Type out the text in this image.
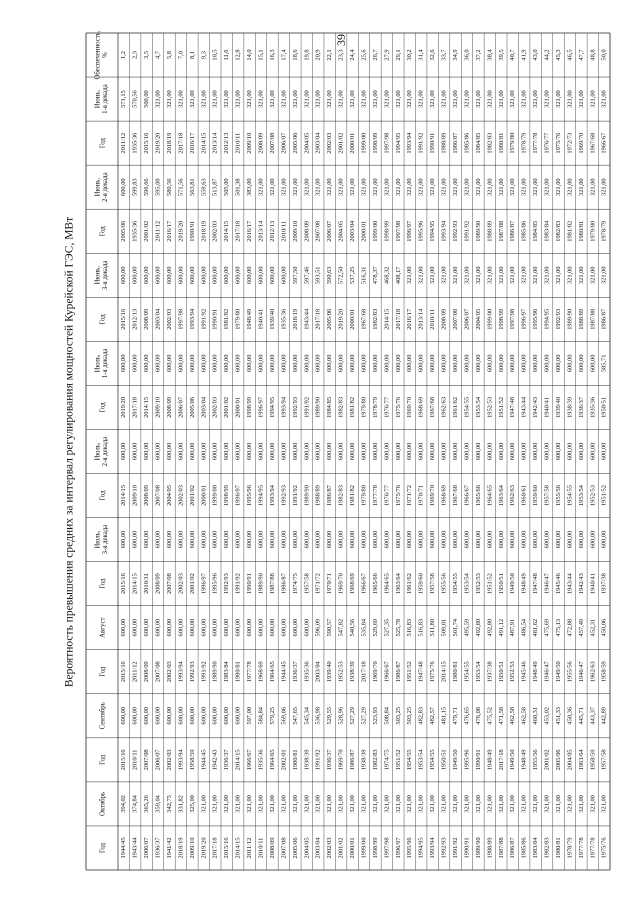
39
Вероятность превышения средних за интервал регулирования мощностей Курейской ГЭС, МВт
Обеспеченность,%
Июнь,1-я декада
Год
Июнь,2-я декада
Год
Июнь,3-я декада
Год
Июль,1-я декада
Год
Июль,2-я декада
Год
Июль,3-я декада
Год
Август
Год
Сентябрь
Год
Октябрь
Год
1,2
571,15
2011/12
600,00
2005/06
600,00
2015/16
600,00
2019/20
600,00
2014/15
600,00
2015/16
600,00
2015/16
600,00
2015/16
394,02
1944/45
2,3
570,56
1935/36
599,83
1935/36
600,00
2012/13
600,00
2017/18
600,00
2009/10
600,00
2014/15
600,00
2011/12
600,00
2010/11
374,84
1943/44
3,5
500,00
2015/16
596,66
2001/02
600,00
2008/09
600,00
2014/15
600,00
2008/09
600,00
2010/11
600,00
2008/09
600,00
2007/08
365,26
2006/07
4,7
321,00
2019/20
595,00
2011/12
600,00
2003/04
600,00
2009/10
600,00
2007/08
600,00
2008/09
600,00
2007/08
600,00
2006/07
359,04
1936/37
5,8
321,00
2018/19
580,56
2016/17
600,00
2002/03
600,00
2008/09
600,00
2004/05
600,00
2007/08
600,00
2002/03
600,00
2002/03
342,75
1941/42
7,0
321,00
2017/18
571,56
2019/20
600,00
1997/98
600,00
2006/07
600,00
2002/03
600,00
2002/03
600,00
1993/94
600,00
1993/94
331,82
2018/19
8,1
321,00
2016/17
563,81
1990/91
600,00
1993/94
600,00
2005/06
600,00
2001/02
600,00
2001/02
600,00
1992/93
600,00
1958/59
325,00
2009/10
9,3
321,00
2014/15
559,63
2018/19
600,00
1991/92
600,00
2003/04
600,00
2000/01
600,00
1996/97
600,00
1991/92
600,00
1944/45
321,00
2019/20
10,5
321,00
2013/14
513,87
2002/03
600,00
1990/91
600,00
2002/03
600,00
1999/00
600,00
1995/96
600,00
1989/90
600,00
1942/43
321,00
2017/18
11,6
321,00
2012/13
505,00
2014/15
600,00
1981/82
600,00
2001/02
600,00
1998/99
600,00
1992/93
600,00
1983/84
600,00
1936/37
321,00
2015/16
12,8
321,00
2010/11
501,38
2017/18
600,00
1979/80
600,00
2000/01
600,00
1996/97
600,00
1991/92
600,00
1980/81
600,00
2014/15
321,00
2014/15
14,0
321,00
2009/10
383,00
2016/17
600,00
1948/49
600,00
1998/99
600,00
1995/96
600,00
1990/91
600,00
1977/78
597,00
1966/67
321,00
2011/12
15,1
321,00
2008/09
321,00
2013/14
600,00
1940/41
600,00
1996/97
600,00
1994/95
600,00
1989/90
600,00
1968/69
584,84
1935/36
321,00
2010/11
16,3
321,00
2007/08
321,00
2012/13
600,00
1939/40
600,00
1994/95
600,00
1993/94
600,00
1987/88
600,00
1964/65
579,25
1964/65
321,00
2008/09
17,4
321,00
2006/07
321,00
2010/11
600,00
1935/36
600,00
1993/94
600,00
1992/93
600,00
1986/87
600,00
1944/45
569,06
2002/01
321,00
2007/08
18,6
321,00
2005/06
321,00
2009/10
597,50
2018/19
600,00
1992/93
600,00
1991/92
600,00
1974/75
600,00
1936/37
547,65
1980/81
321,00
2005/06
19,8
321,00
2004/05
321,00
2008/09
597,46
1943/44
600,00
1991/92
600,00
1989/90
600,00
1957/58
600,00
1935/36
545,34
1938/39
321,00
2004/05
20,9
321,00
2003/04
321,00
2007/08
593,51
2017/18
600,00
1989/90
600,00
1988/89
600,00
1971/72
596,09
2003/04
536,98
1991/92
321,00
2003/04
22,1
321,00
2002/03
321,00
2006/07
590,63
2005/06
600,00
1984/85
600,00
1986/87
600,00
1970/71
590,57
1939/40
529,55
1936/37
321,00
2002/03
23,3
321,00
2001/02
321,00
2004/05
572,50
2019/20
600,00
1982/83
600,00
1982/83
600,00
1969/70
547,82
1952/53
528,96
1969/70
321,00
2001/02
24,4
321,00
2000/01
321,00
2003/04
537,25
2000/01
600,00
1981/82
600,00
1981/82
600,00
1968/69
540,56
1938/39
527,29
1986/87
321,00
2000/01
25,6
321,00
1999/00
321,00
2000/01
516,31
1967/68
600,00
1979/80
600,00
1979/80
600,00
1966/67
535,84
2017/18
527,29
1938/39
321,00
1999/00
26,7
321,00
1998/99
321,00
1999/00
478,37
1982/83
600,00
1978/79
600,00
1977/78
600,00
1965/66
529,69
1969/70
523,93
1982/83
321,00
1998/99
27,9
321,00
1997/98
321,00
1998/99
468,32
2014/15
600,00
1976/77
600,00
1976/77
600,00
1964/65
527,35
1966/67
508,84
1974/75
321,00
1997/98
29,1
321,00
1994/95
321,00
1997/98
408,17
2017/18
600,00
1975/76
600,00
1975/76
600,00
1963/64
525,78
1986/87
503,25
1951/52
321,00
1996/97
30,2
321,00
1993/94
321,00
1996/97
321,00
2016/17
600,00
1969/70
600,00
1971/72
600,00
1961/62
516,83
1951/52
503,25
1954/55
321,00
1995/96
31,4
321,00
1991/92
321,00
1995/96
321,00
2013/14
600,00
1968/69
600,00
1970/71
600,00
1959/60
516,83
1947/48
482,83
1953/54
321,00
1994/95
32,6
321,00
1990/91
321,00
1994/95
321,00
2010/11
600,00
1967/68
600,00
1969/70
600,00
1957/58
511,80
1975/76
482,57
1954/55
321,00
1993/94
33,7
321,00
1988/89
321,00
1993/94
321,00
2008/09
600,00
1962/63
600,00
1968/69
600,00
1955/56
509,01
2014/15
481,15
1950/51
321,00
1992/93
34,9
321,00
1986/87
321,00
1992/93
321,00
2007/08
600,00
1961/62
600,00
1967/68
600,00
1954/55
501,74
1980/81
479,71
1949/50
321,00
1991/92
36,0
321,00
1985/86
321,00
1991/92
321,00
2006/07
600,00
1954/55
600,00
1966/67
600,00
1953/54
495,59
1954/55
476,65
1995/96
321,00
1990/91
37,2
321,00
1984/85
321,00
1989/90
321,00
2004/05
600,00
1953/54
600,00
1965/66
600,00
1952/53
492,80
1953/54
476,08
1990/91
321,00
1989/90
38,4
321,00
1982/83
321,00
1988/89
321,00
1999/00
600,00
1952/53
600,00
1964/65
600,00
1951/52
492,80
1937/38
475,52
1948/49
321,00
1988/89
39,5
321,00
1980/81
321,00
1987/88
321,00
1998/99
600,00
1951/52
600,00
1963/64
600,00
1950/51
491,12
1950/51
471,58
2017/18
321,00
1987/88
40,7
321,00
1979/80
321,00
1986/87
321,00
1997/98
600,00
1947/48
600,00
1962/63
600,00
1949/50
487,91
1952/53
462,58
1949/50
321,00
1986/87
41,9
321,00
1978/79
321,00
1985/86
321,00
1996/97
600,00
1943/44
600,00
1960/61
600,00
1948/49
486,54
1945/46
462,58
1948/49
321,00
1985/86
43,0
321,00
1977/78
321,00
1984/85
321,00
1995/96
600,00
1942/43
600,00
1959/60
600,00
1947/48
481,62
1948/49
460,31
1955/56
321,00
1983/84
44,2
321,00
1976/77
321,00
1983/84
321,00
1994/95
600,00
1940/41
600,00
1957/58
600,00
1946/47
475,69
1946/47
453,02
2001/02
321,00
1982/83
45,3
321,00
1975/76
321,00
1982/83
321,00
1992/93
600,00
1939/40
600,00
1955/56
600,00
1945/46
475,13
1949/50
451,33
2005/06
321,00
1980/81
46,5
321,00
1972/73
321,00
1981/82
321,00
1989/90
600,00
1938/39
600,00
1954/55
600,00
1943/44
472,88
1955/56
450,36
2004/05
321,00
1978/79
47,7
321,00
1969/70
321,00
1980/81
321,00
1988/89
600,00
1936/37
600,00
1953/54
600,00
1942/43
457,49
1946/47
445,71
1963/64
321,00
1977/78
48,8
321,00
1967/68
321,00
1979/80
321,00
1987/88
600,00
1935/36
600,00
1952/53
600,00
1940/41
452,31
1962/63
443,37
1958/59
321,00
1977/78
50,0
321,00
1966/67
321,00
1978/79
321,00
1986/87
585,71
1950/51
600,00
1951/52
600,00
1937/38
450,06
1958/59
442,89
1957/58
321,00
1975/76
